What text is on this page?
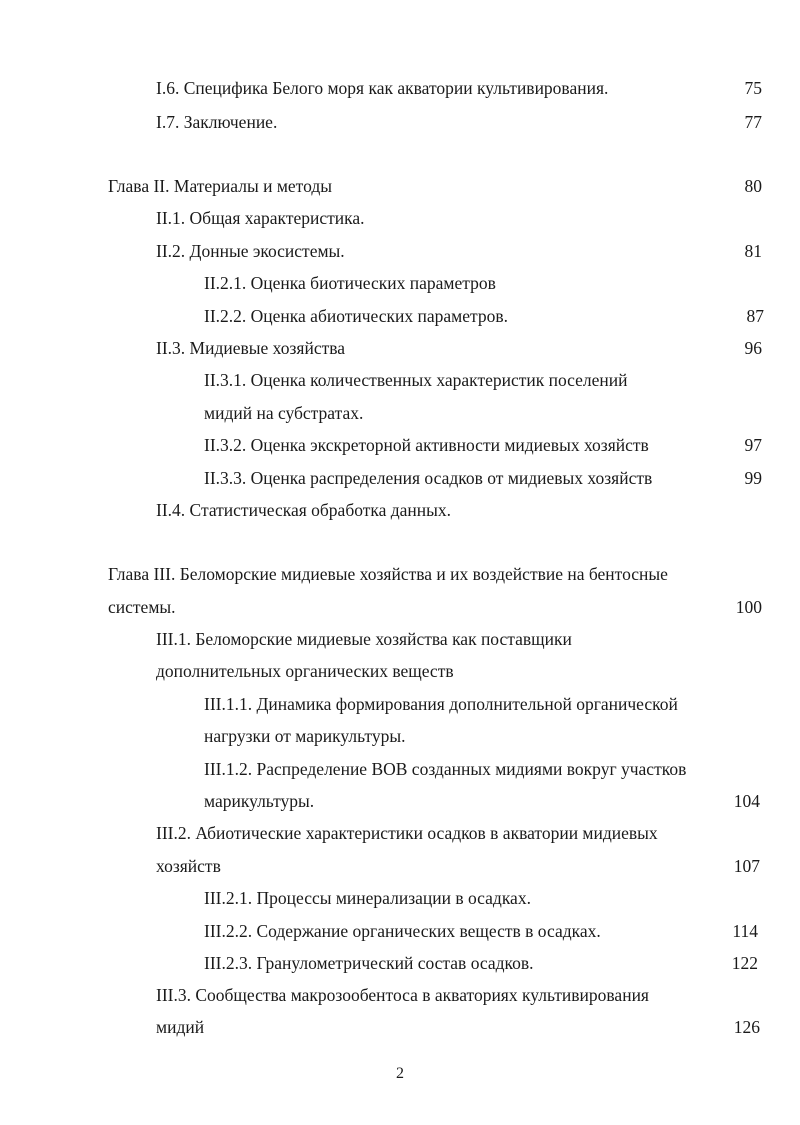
I.6. Специфика Белого моря как акватории культивирования.	75
I.7. Заключение.	77
Глава II. Материалы и методы	80
II.1. Общая характеристика.
II.2. Донные экосистемы.	81
II.2.1. Оценка биотических параметров
II.2.2. Оценка абиотических параметров.	87
II.3. Мидиевые хозяйства	96
II.3.1. Оценка количественных характеристик поселений
мидий на субстратах.
II.3.2. Оценка экскреторной активности мидиевых хозяйств	97
II.3.3. Оценка распределения осадков от мидиевых хозяйств	99
II.4. Статистическая обработка данных.
Глава III. Беломорские мидиевые хозяйства и их воздействие на бентосные
системы.	100
III.1. Беломорские мидиевые хозяйства как поставщики
дополнительных органических веществ
III.1.1. Динамика формирования дополнительной органической
нагрузки от марикультуры.
III.1.2. Распределение ВОВ созданных мидиями вокруг участков
марикультуры.	104
III.2. Абиотические характеристики осадков в акватории мидиевых
хозяйств	107
III.2.1. Процессы минерализации в осадках.
III.2.2. Содержание органических веществ в осадках.	114
III.2.3. Гранулометрический состав осадков.	122
III.3. Сообщества макрозообентоса в акваториях культивирования
мидий	126
2
